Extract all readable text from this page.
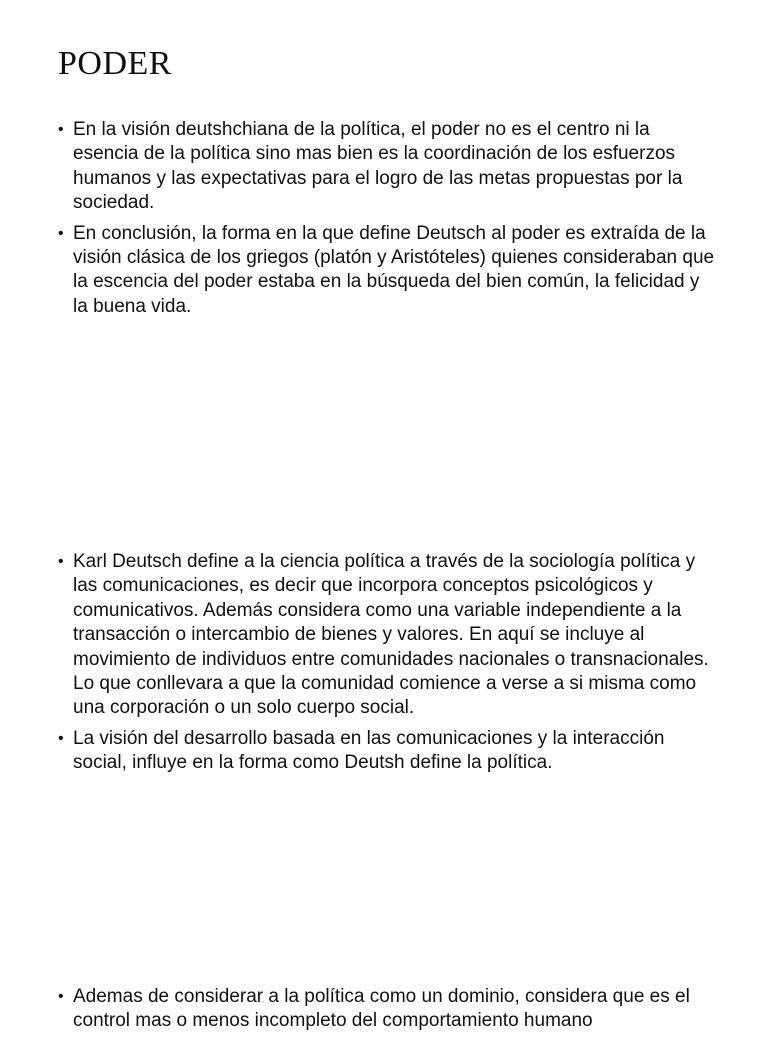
PODER
• En la visión deutshchiana de la política, el poder no es el centro ni la esencia de la política sino mas bien es la coordinación de los esfuerzos humanos y las expectativas para el logro de las metas propuestas por la sociedad.
• En conclusión, la forma en la que define Deutsch al poder es extraída de la visión clásica de los griegos (platón y Aristóteles) quienes consideraban que la escencia del poder estaba en la búsqueda del bien común, la felicidad y la buena vida.
• Karl Deutsch define a la ciencia política a través de la sociología política y las comunicaciones, es decir que incorpora conceptos psicológicos y comunicativos. Además considera como una variable independiente a la transacción o intercambio de bienes y valores. En aquí se incluye al movimiento de individuos entre comunidades nacionales o transnacionales. Lo que conllevara a que la comunidad comience a verse a si misma como una corporación o un solo cuerpo social.
• La visión del desarrollo basada en las comunicaciones y la interacción social, influye en la forma como Deutsh define la política.
• Ademas de considerar a la política como un dominio, considera que es el control mas o menos incompleto del comportamiento humano
